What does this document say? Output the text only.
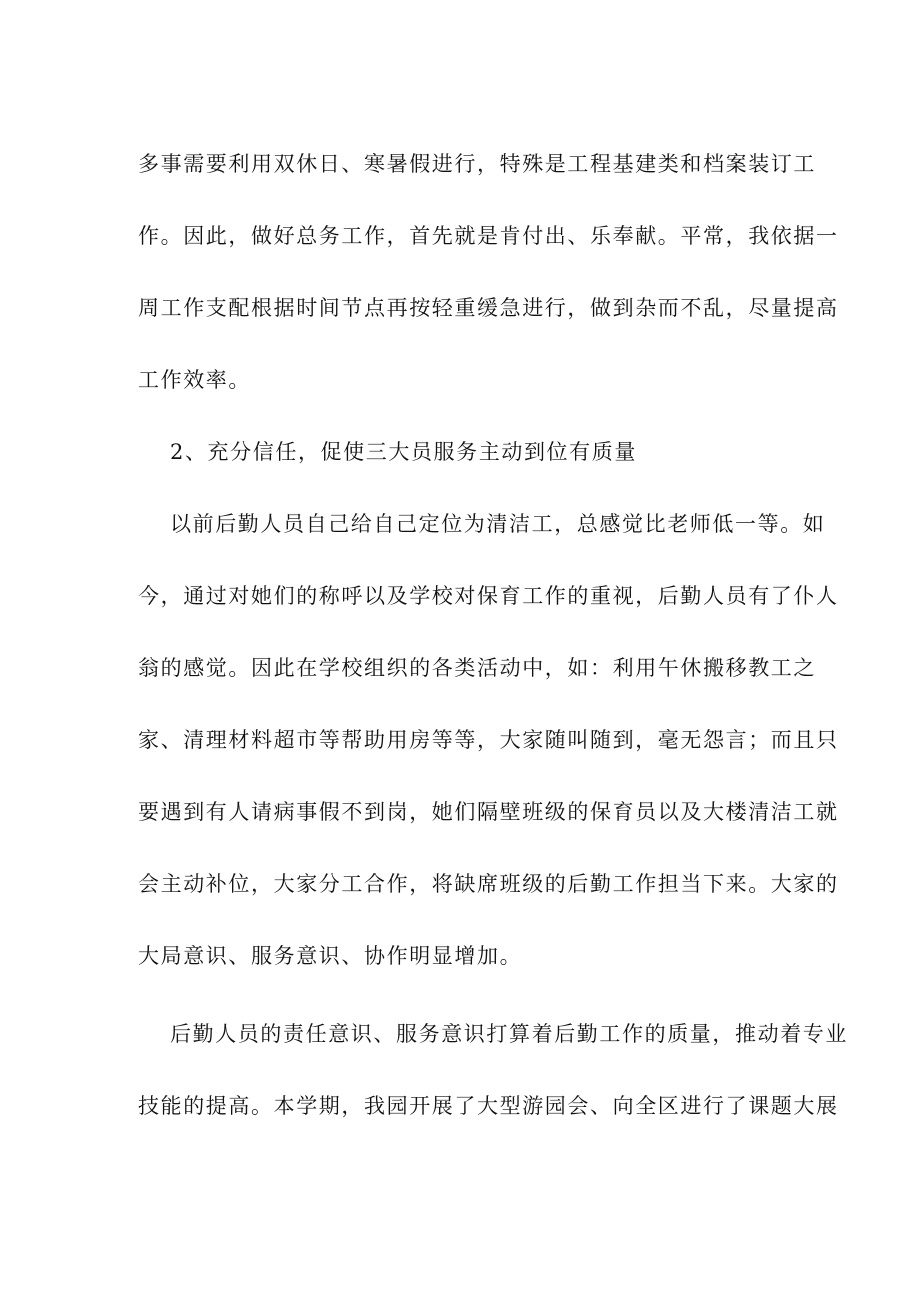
多事需要利用双休日、寒暑假进行，特殊是工程基建类和档案装订工
作。因此，做好总务工作，首先就是肯付出、乐奉献。平常，我依据一
周工作支配根据时间节点再按轻重缓急进行，做到杂而不乱，尽量提高
工作效率。
2、充分信任，促使三大员服务主动到位有质量
以前后勤人员自己给自己定位为清洁工，总感觉比老师低一等。如
今，通过对她们的称呼以及学校对保育工作的重视，后勤人员有了仆人
翁的感觉。因此在学校组织的各类活动中，如：利用午休搬移教工之
家、清理材料超市等帮助用房等等，大家随叫随到，毫无怨言；而且只
要遇到有人请病事假不到岗，她们隔壁班级的保育员以及大楼清洁工就
会主动补位，大家分工合作，将缺席班级的后勤工作担当下来。大家的
大局意识、服务意识、协作明显增加。
后勤人员的责任意识、服务意识打算着后勤工作的质量，推动着专业
技能的提高。本学期，我园开展了大型游园会、向全区进行了课题大展
